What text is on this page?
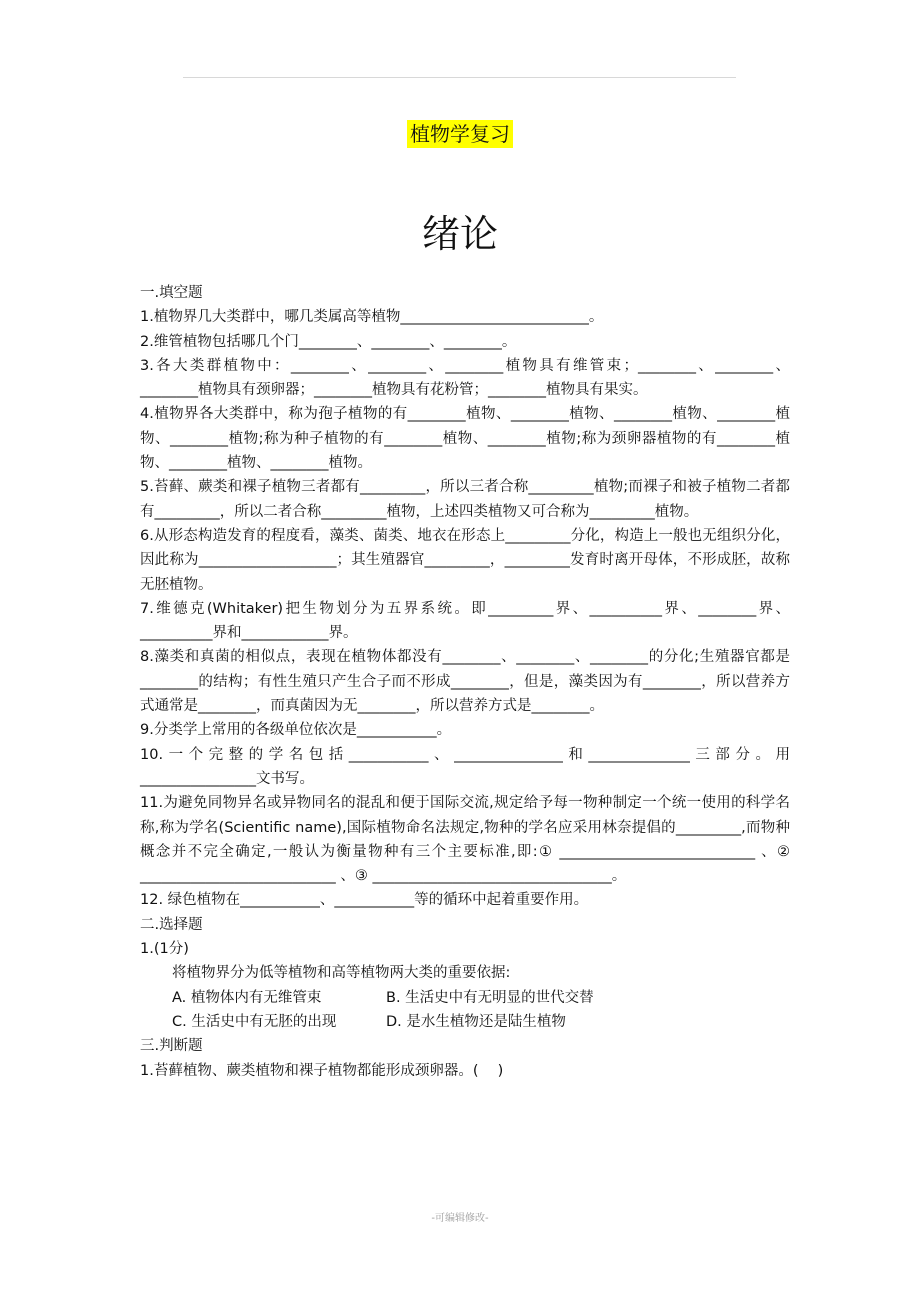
植物学复习
绪论

一.填空题

1.植物界几大类群中，哪几类属高等植物__________________________。

2.维管植物包括哪几个门________、________、________。

3.各大类群植物中：________、________、________植物具有维管束；________、________、________植物具有颈卵器；________植物具有花粉管；________植物具有果实。

4.植物界各大类群中，称为孢子植物的有________植物、________植物、________植物、________植物、________植物;称为种子植物的有________植物、________植物;称为颈卵器植物的有________植物、________植物、________植物。

5.苔藓、蕨类和裸子植物三者都有_________，所以三者合称_________植物;而裸子和被子植物二者都有_________，所以二者合称_________植物，上述四类植物又可合称为_________植物。

6.从形态构造发育的程度看，藻类、菌类、地衣在形态上_________分化，构造上一般也无组织分化，因此称为___________________；其生殖器官_________，_________发育时离开母体，不形成胚，故称无胚植物。

7.维德克(Whitaker)把生物划分为五界系统。即_________界、__________界、________界、__________界和____________界。

8.藻类和真菌的相似点，表现在植物体都没有________、________、________的分化;生殖器官都是________的结构；有性生殖只产生合子而不形成________，但是，藻类因为有________，所以营养方式通常是________，而真菌因为无________，所以营养方式是________。

9.分类学上常用的各级单位依次是___________。

10.一个完整的学名包括___________、_______________和______________三部分。用________________文书写。

11.为避免同物异名或异物同名的混乱和便于国际交流,规定给予每一物种制定一个统一使用的科学名称,称为学名(Scientific name),国际植物命名法规定,物种的学名应采用林奈提倡的_________,而物种概念并不完全确定,一般认为衡量物种有三个主要标准,即:① ___________________________ 、② ___________________________ 、③ _________________________________。

12. 绿色植物在___________、___________等的循环中起着重要作用。

二.选择题

1.(1分)

将植物界分为低等植物和高等植物两大类的重要依据:

A. 植物体内有无维管束	B. 生活史中有无明显的世代交替

C. 生活史中有无胚的出现	D. 是水生植物还是陆生植物

三.判断题

1.苔藓植物、蕨类植物和裸子植物都能形成颈卵器。(　 )

-可编辑修改-
